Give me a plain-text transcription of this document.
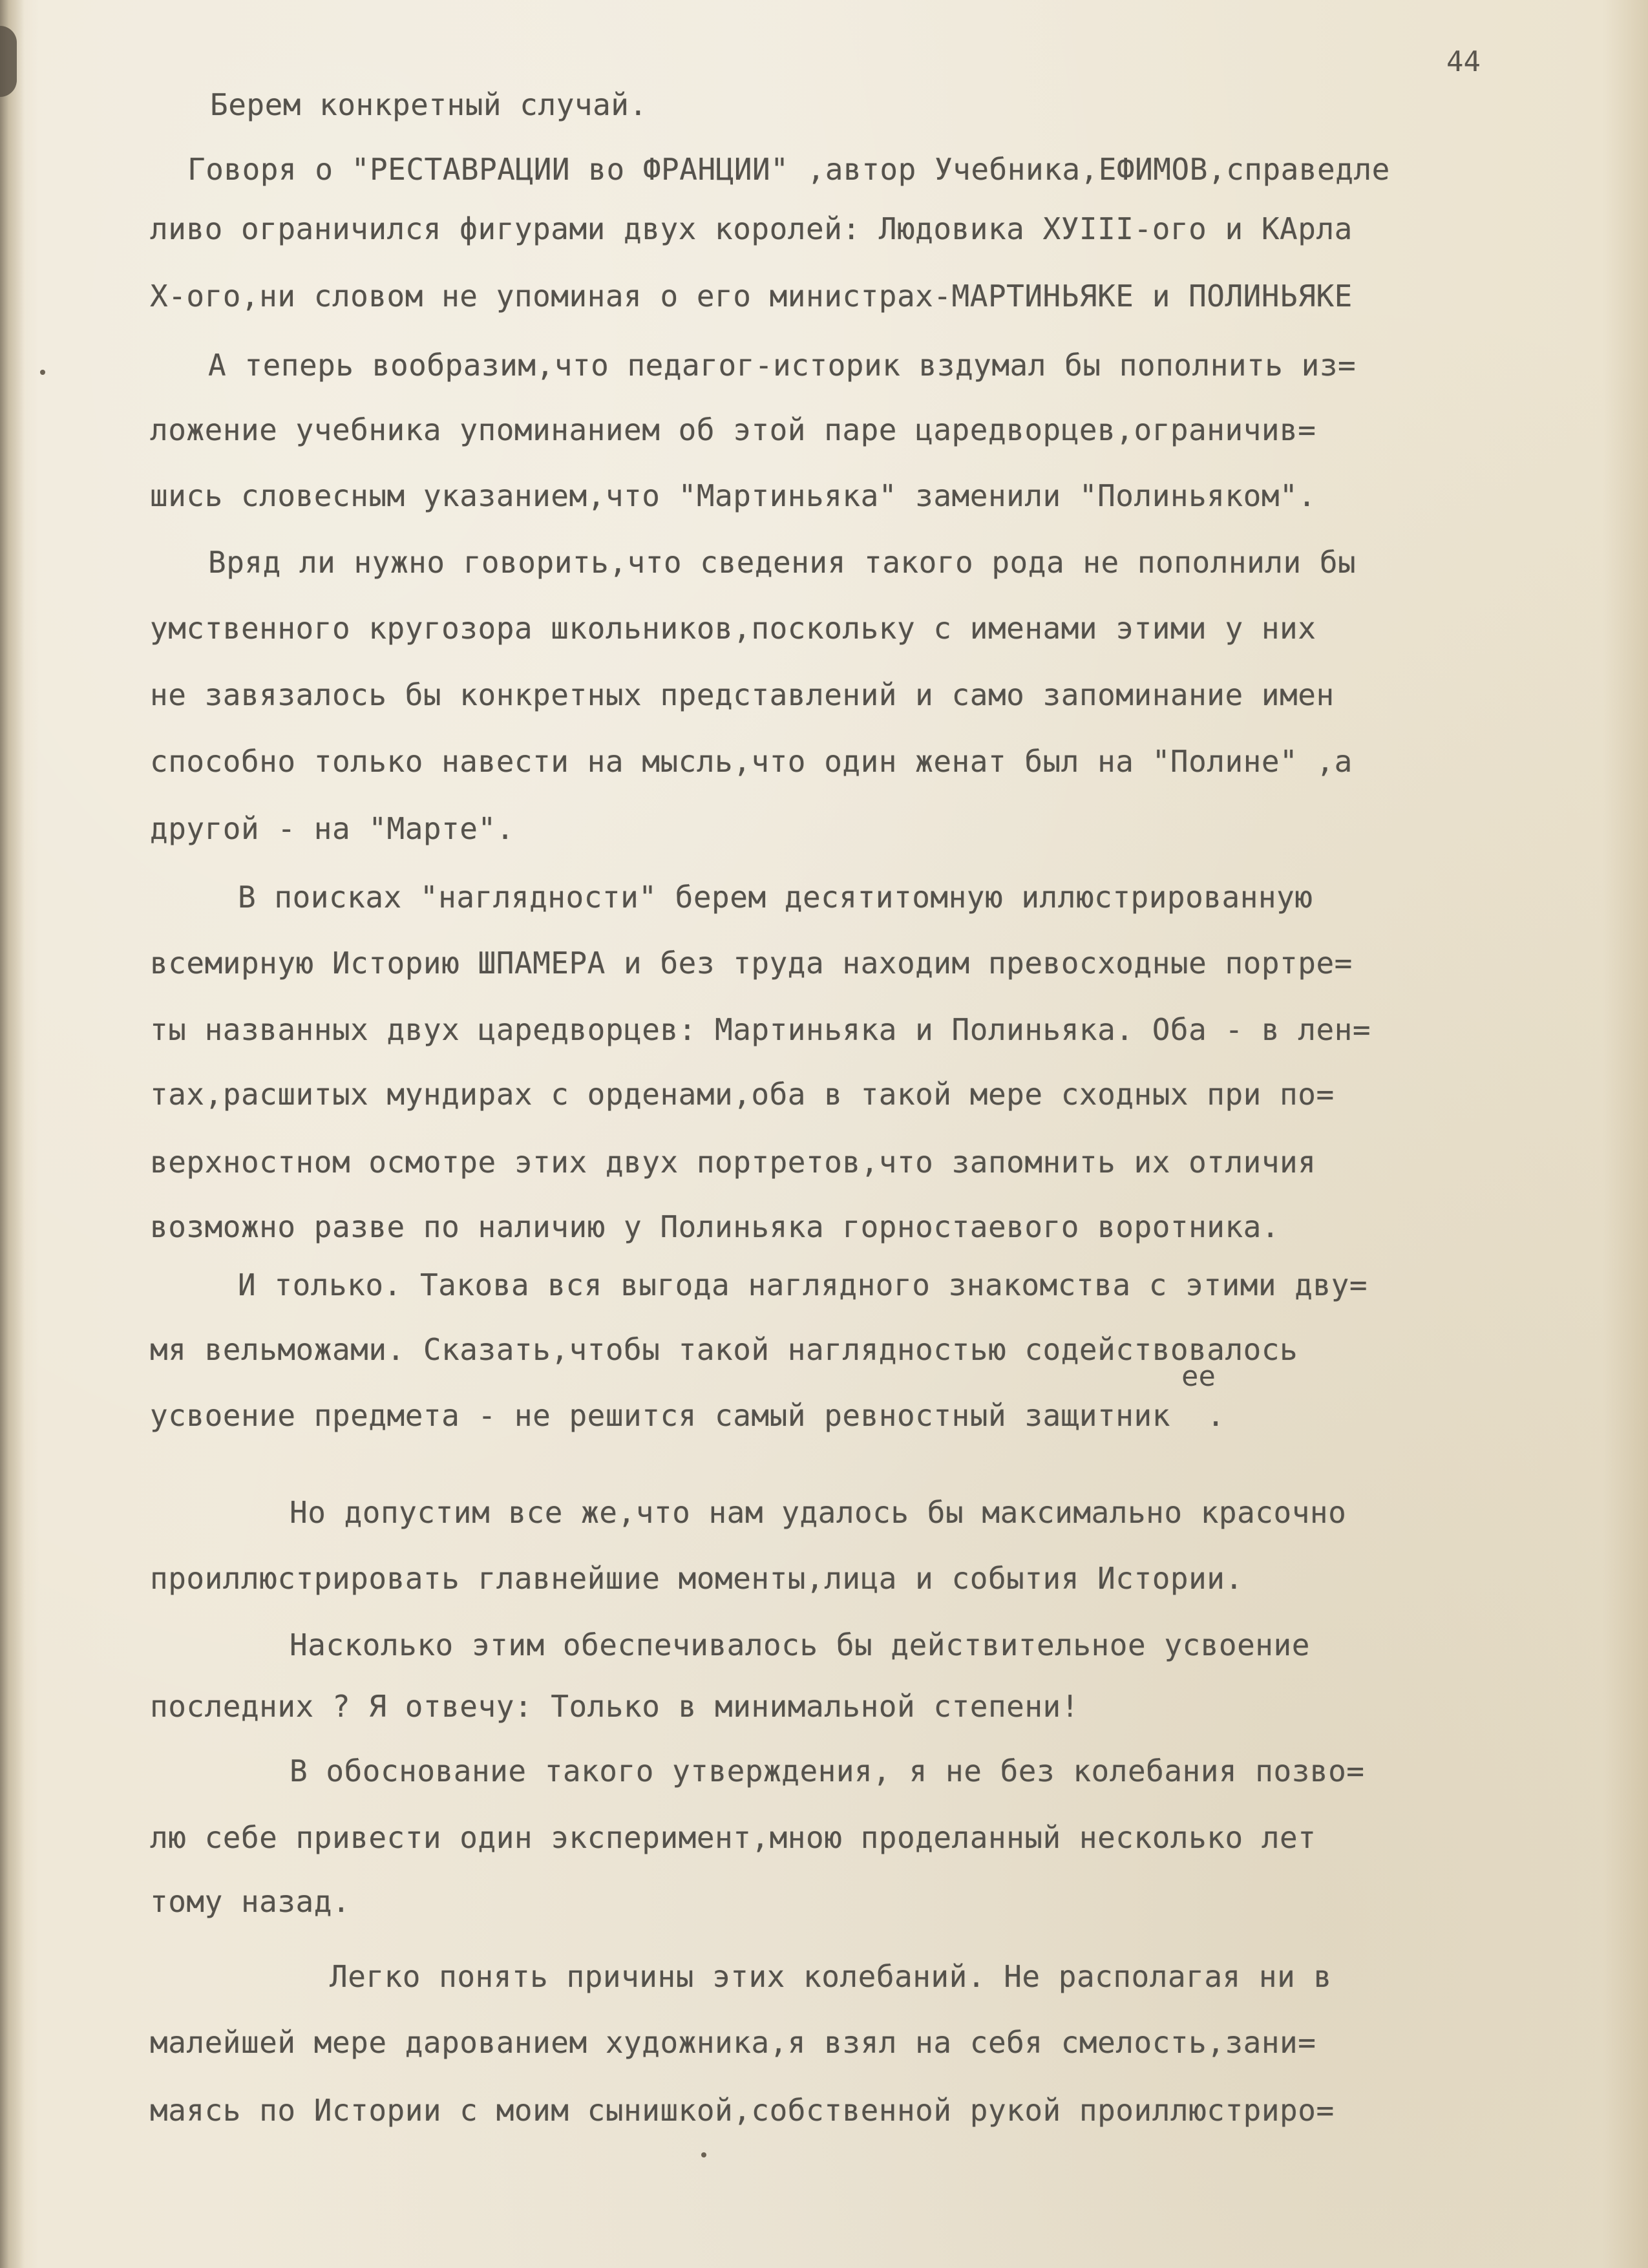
44
Берем конкретный случай.
Говоря о "РЕСТАВРАЦИИ во ФРАНЦИИ" ,автор Учебника,ЕФИМОВ,справедле
ливо ограничился фигурами двух королей: Людовика ХУIII-ого и КАрла
Х-ого,ни словом не упоминая о его министрах-МАРТИНЬЯКЕ и ПОЛИНЬЯКЕ
А теперь вообразим,что педагог-историк вздумал бы пополнить из=
ложение учебника упоминанием об этой паре царедворцев,ограничив=
шись словесным указанием,что "Мартиньяка" заменили "Полиньяком".
Вряд ли нужно говорить,что сведения такого рода не пополнили бы
умственного кругозора школьников,поскольку с именами этими у них
не завязалось бы конкретных представлений и само запоминание имен
способно только навести на мысль,что один женат был на "Полине" ,а
другой - на "Марте".
В поисках "наглядности" берем десятитомную иллюстрированную
всемирную Историю ШПАМЕРА и без труда находим превосходные портре=
ты названных двух царедворцев: Мартиньяка и Полиньяка. Оба - в лен=
тах,расшитых мундирах с орденами,оба в такой мере сходных при по=
верхностном осмотре этих двух портретов,что запомнить их отличия
возможно разве по наличию у Полиньяка горностаевого воротника.
И только. Такова вся выгода наглядного знакомства с этими дву=
мя вельможами. Сказать,чтобы такой наглядностью содействовалось
ее
усвоение предмета - не решится самый ревностный защитник  .
Но допустим все же,что нам удалось бы максимально красочно
проиллюстрировать главнейшие моменты,лица и события Истории.
Насколько этим обеспечивалось бы действительное усвоение
последних ? Я отвечу: Только в минимальной степени!
В обоснование такого утверждения, я не без колебания позво=
лю себе привести один эксперимент,мною проделанный несколько лет
тому назад.
Легко понять причины этих колебаний. Не располагая ни в
малейшей мере дарованием художника,я взял на себя смелость,зани=
маясь по Истории с моим сынишкой,собственной рукой проиллюстриро=
